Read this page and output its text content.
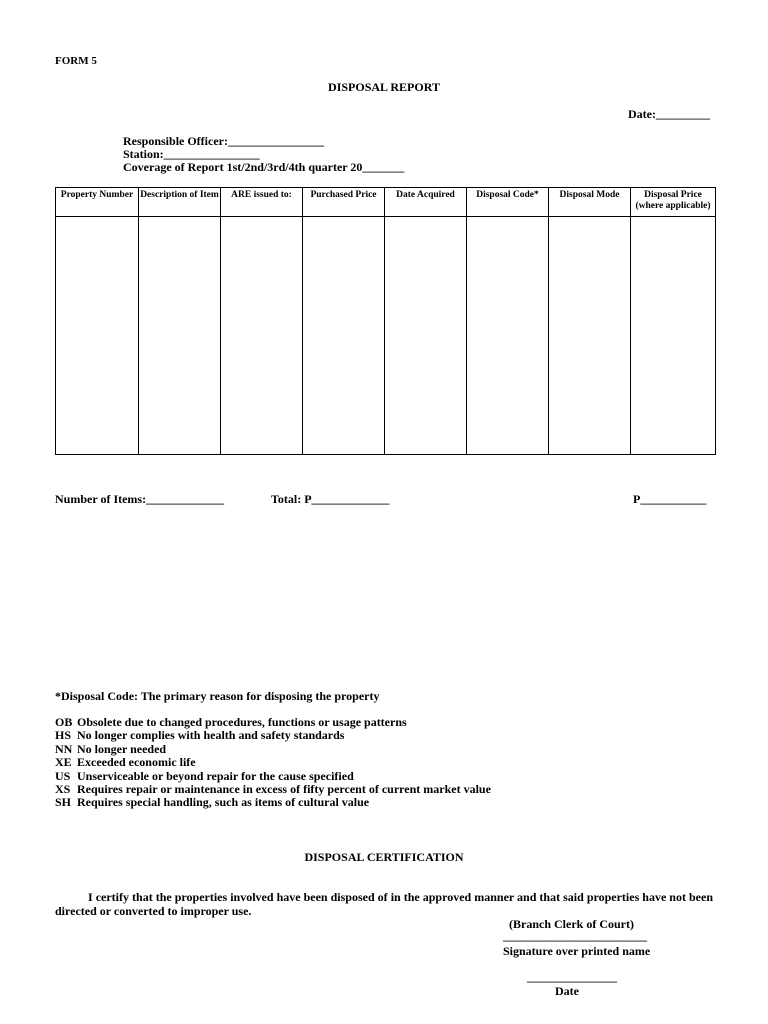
FORM 5
DISPOSAL REPORT
Date:_________
Responsible Officer:________________
Station:________________
Coverage of Report 1st/2nd/3rd/4th quarter 20_______
Property Number	Description of Item	ARE issued to:	Purchased Price	Date Acquired	Disposal Code*	Disposal Mode	Disposal Price (where applicable)

Number of Items:_____________	Total: P_____________	P___________
*Disposal Code: The primary reason for disposing the property
OB Obsolete due to changed procedures, functions or usage patterns
HS No longer complies with health and safety standards
NN No longer needed
XE Exceeded economic life
US Unserviceable or beyond repair for the cause specified
XS Requires repair or maintenance in excess of fifty percent of current market value
SH Requires special handling, such as items of cultural value
DISPOSAL CERTIFICATION
I certify that the properties involved have been disposed of in the approved manner and that said properties have not been directed or converted to improper use.
(Branch Clerk of Court)
________________________
Signature over printed name
_______________
Date
